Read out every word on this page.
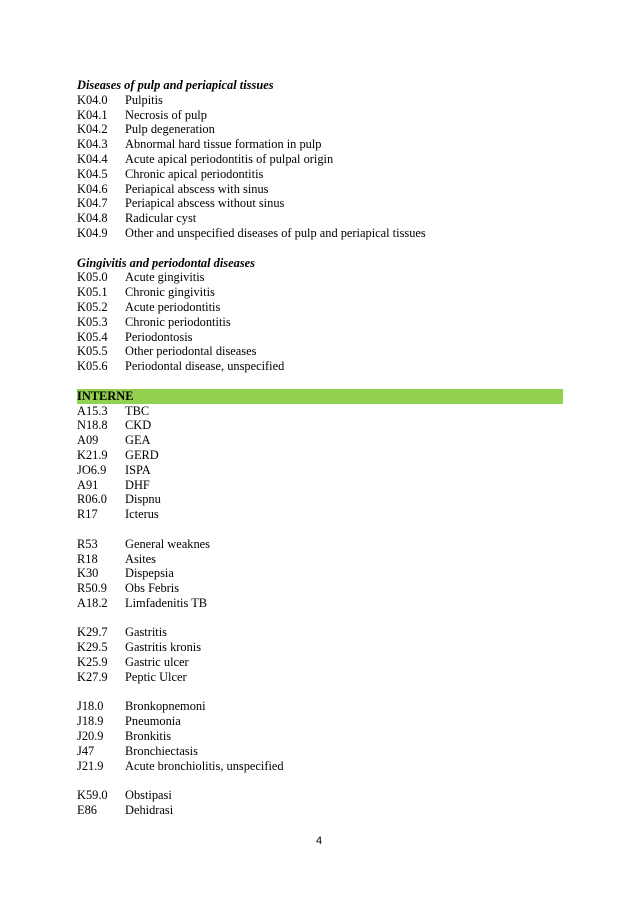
Diseases of pulp and periapical tissues
K04.0	Pulpitis
K04.1	Necrosis of pulp
K04.2	Pulp degeneration
K04.3	Abnormal hard tissue formation in pulp
K04.4	Acute apical periodontitis of pulpal origin
K04.5	Chronic apical periodontitis
K04.6	Periapical abscess with sinus
K04.7	Periapical abscess without sinus
K04.8	Radicular cyst
K04.9	Other and unspecified diseases of pulp and periapical tissues
Gingivitis and periodontal diseases
K05.0	Acute gingivitis
K05.1	Chronic gingivitis
K05.2	Acute periodontitis
K05.3	Chronic periodontitis
K05.4	Periodontosis
K05.5	Other periodontal diseases
K05.6	Periodontal disease, unspecified
INTERNE
A15.3	TBC
N18.8	CKD
A09	GEA
K21.9	GERD
JO6.9	ISPA
A91	DHF
R06.0	Dispnu
R17	Icterus
R53	General weaknes
R18	Asites
K30	Dispepsia
R50.9	Obs Febris
A18.2	Limfadenitis TB
K29.7	Gastritis
K29.5	Gastritis kronis
K25.9	Gastric ulcer
K27.9	Peptic Ulcer
J18.0	Bronkopnemoni
J18.9	Pneumonia
J20.9	Bronkitis
J47	Bronchiectasis
J21.9	Acute bronchiolitis, unspecified
K59.0	Obstipasi
E86	Dehidrasi
4
